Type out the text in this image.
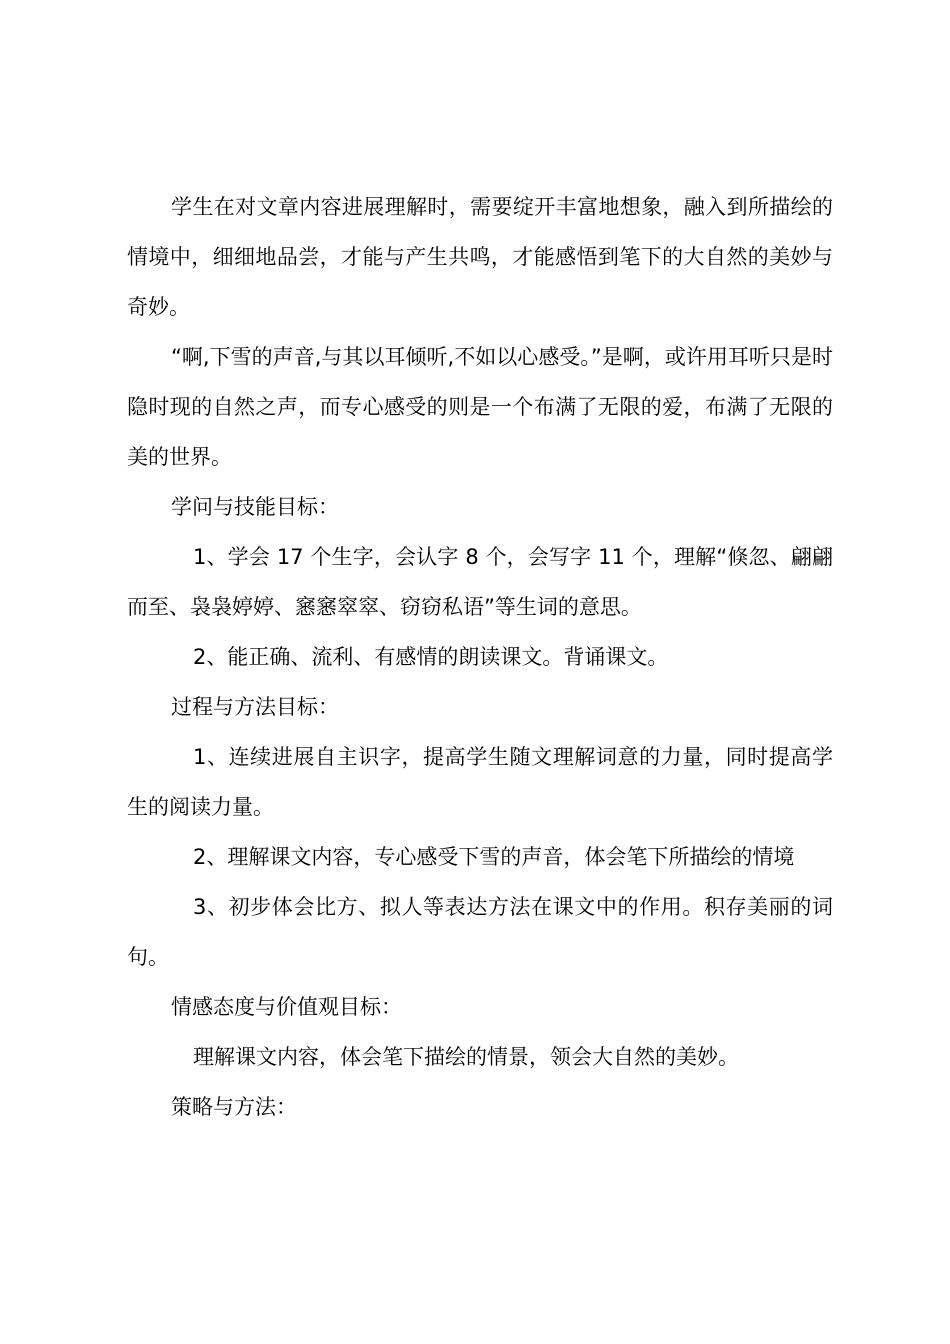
学生在对文章内容进展理解时，需要绽开丰富地想象，融入到所描绘的情境中，细细地品尝，才能与产生共鸣，才能感悟到笔下的大自然的美妙与奇妙。

“啊,下雪的声音,与其以耳倾听,不如以心感受。”是啊，或许用耳听只是时隐时现的自然之声，而专心感受的则是一个布满了无限的爱，布满了无限的美的世界。

学问与技能目标：

1、学会 17 个生字，会认字 8 个，会写字 11 个，理解“倏忽、翩翩而至、袅袅婷婷、窸窸窣窣、窃窃私语”等生词的意思。

2、能正确、流利、有感情的朗读课文。背诵课文。

过程与方法目标：

1、连续进展自主识字，提高学生随文理解词意的力量，同时提高学生的阅读力量。

2、理解课文内容，专心感受下雪的声音，体会笔下所描绘的情境

3、初步体会比方、拟人等表达方法在课文中的作用。积存美丽的词句。

情感态度与价值观目标：

理解课文内容，体会笔下描绘的情景，领会大自然的美妙。

策略与方法：
